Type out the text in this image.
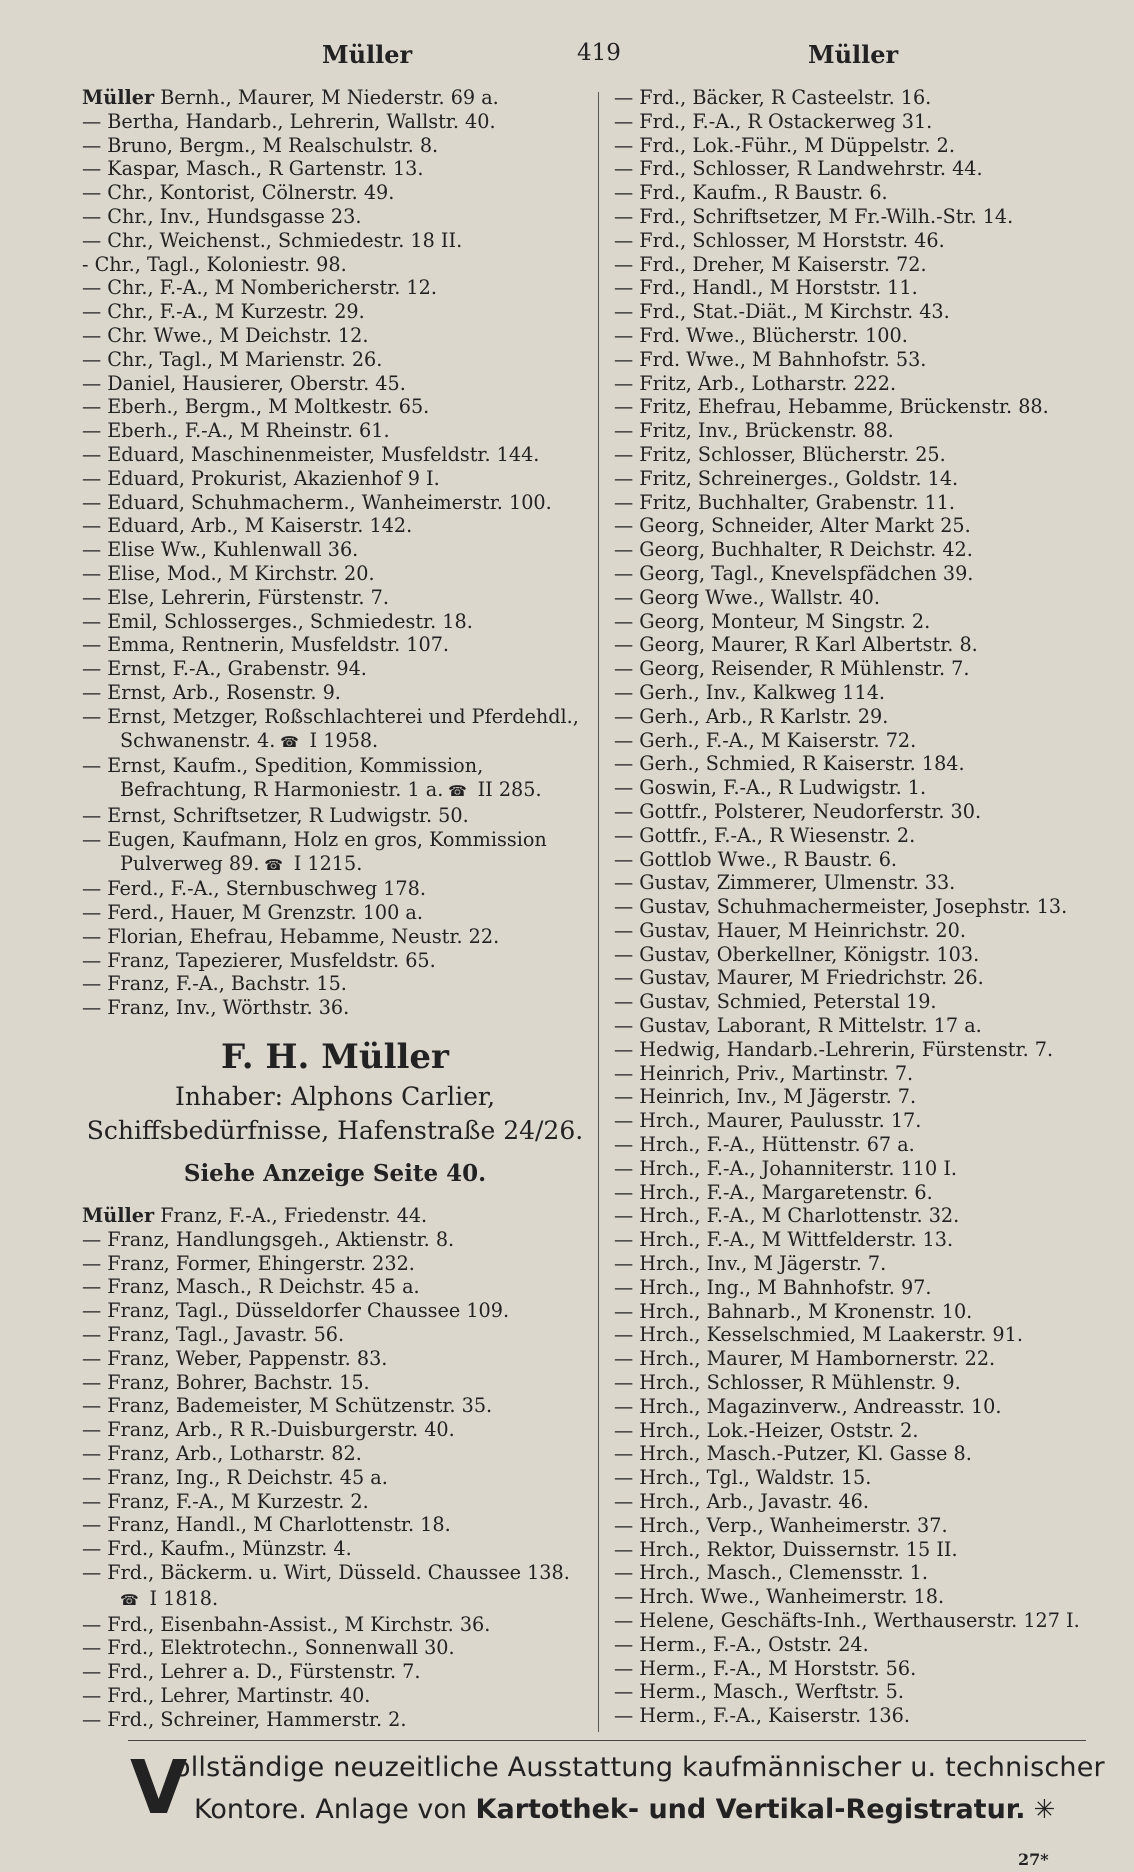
Müller	419	Müller
Müller Bernh., Maurer, M Niederstr. 69 a.
— Bertha, Handarb., Lehrerin, Wallstr. 40.
— Bruno, Bergm., M Realschulstr. 8.
— Kaspar, Masch., R Gartenstr. 13.
— Chr., Kontorist, Cölnerstr. 49.
— Chr., Inv., Hundsgasse 23.
— Chr., Weichenst., Schmiedestr. 18 II.
- Chr., Tagl., Koloniestr. 98.
— Chr., F.-A., M Nombericherstr. 12.
— Chr., F.-A., M Kurzestr. 29.
— Chr. Wwe., M Deichstr. 12.
— Chr., Tagl., M Marienstr. 26.
— Daniel, Hausierer, Oberstr. 45.
— Eberh., Bergm., M Moltkestr. 65.
— Eberh., F.-A., M Rheinstr. 61.
— Eduard, Maschinenmeister, Musfeldstr. 144.
— Eduard, Prokurist, Akazienhof 9 I.
— Eduard, Schuhmacherm., Wanheimerstr. 100.
— Eduard, Arb., M Kaiserstr. 142.
— Elise Ww., Kuhlenwall 36.
— Elise, Mod., M Kirchstr. 20.
— Else, Lehrerin, Fürstenstr. 7.
— Emil, Schlosserges., Schmiedestr. 18.
— Emma, Rentnerin, Musfeldstr. 107.
— Ernst, F.-A., Grabenstr. 94.
— Ernst, Arb., Rosenstr. 9.
— Ernst, Metzger, Roßschlachterei und Pferdehdl., Schwanenstr. 4. ☎ I 1958.
— Ernst, Kaufm., Spedition, Kommission, Befrachtung, R Harmoniestr. 1 a. ☎ II 285.
— Ernst, Schriftsetzer, R Ludwigstr. 50.
— Eugen, Kaufmann, Holz en gros, Kommission Pulverweg 89. ☎ I 1215.
— Ferd., F.-A., Sternbuschweg 178.
— Ferd., Hauer, M Grenzstr. 100 a.
— Florian, Ehefrau, Hebamme, Neustr. 22.
— Franz, Tapezierer, Musfeldstr. 65.
— Franz, F.-A., Bachstr. 15.
— Franz, Inv., Wörthstr. 36.
F. H. Müller
Inhaber: Alphons Carlier,
Schiffsbedürfnisse, Hafenstraße 24/26.
Siehe Anzeige Seite 40.
Müller Franz, F.-A., Friedenstr. 44.
— Franz, Handlungsgeh., Aktienstr. 8.
— Franz, Former, Ehingerstr. 232.
— Franz, Masch., R Deichstr. 45 a.
— Franz, Tagl., Düsseldorfer Chaussee 109.
— Franz, Tagl., Javastr. 56.
— Franz, Weber, Pappenstr. 83.
— Franz, Bohrer, Bachstr. 15.
— Franz, Bademeister, M Schützenstr. 35.
— Franz, Arb., R R.-Duisburgerstr. 40.
— Franz, Arb., Lotharstr. 82.
— Franz, Ing., R Deichstr. 45 a.
— Franz, F.-A., M Kurzestr. 2.
— Franz, Handl., M Charlottenstr. 18.
— Frd., Kaufm., Münzstr. 4.
— Frd., Bäckerm. u. Wirt, Düsseld. Chaussee 138. ☎ I 1818.
— Frd., Eisenbahn-Assist., M Kirchstr. 36.
— Frd., Elektrotechn., Sonnenwall 30.
— Frd., Lehrer a. D., Fürstenstr. 7.
— Frd., Lehrer, Martinstr. 40.
— Frd., Schreiner, Hammerstr. 2.
— Frd., Bäcker, R Casteelstr. 16.
— Frd., F.-A., R Ostackerweg 31.
— Frd., Lok.-Führ., M Düppelstr. 2.
— Frd., Schlosser, R Landwehrstr. 44.
— Frd., Kaufm., R Baustr. 6.
— Frd., Schriftsetzer, M Fr.-Wilh.-Str. 14.
— Frd., Schlosser, M Horststr. 46.
— Frd., Dreher, M Kaiserstr. 72.
— Frd., Handl., M Horststr. 11.
— Frd., Stat.-Diät., M Kirchstr. 43.
— Frd. Wwe., Blücherstr. 100.
— Frd. Wwe., M Bahnhofstr. 53.
— Fritz, Arb., Lotharstr. 222.
— Fritz, Ehefrau, Hebamme, Brückenstr. 88.
— Fritz, Inv., Brückenstr. 88.
— Fritz, Schlosser, Blücherstr. 25.
— Fritz, Schreinerges., Goldstr. 14.
— Fritz, Buchhalter, Grabenstr. 11.
— Georg, Schneider, Alter Markt 25.
— Georg, Buchhalter, R Deichstr. 42.
— Georg, Tagl., Knevelspfädchen 39.
— Georg Wwe., Wallstr. 40.
— Georg, Monteur, M Singstr. 2.
— Georg, Maurer, R Karl Albertstr. 8.
— Georg, Reisender, R Mühlenstr. 7.
— Gerh., Inv., Kalkweg 114.
— Gerh., Arb., R Karlstr. 29.
— Gerh., F.-A., M Kaiserstr. 72.
— Gerh., Schmied, R Kaiserstr. 184.
— Goswin, F.-A., R Ludwigstr. 1.
— Gottfr., Polsterer, Neudorferstr. 30.
— Gottfr., F.-A., R Wiesenstr. 2.
— Gottlob Wwe., R Baustr. 6.
— Gustav, Zimmerer, Ulmenstr. 33.
— Gustav, Schuhmachermeister, Josephstr. 13.
— Gustav, Hauer, M Heinrichstr. 20.
— Gustav, Oberkellner, Königstr. 103.
— Gustav, Maurer, M Friedrichstr. 26.
— Gustav, Schmied, Peterstal 19.
— Gustav, Laborant, R Mittelstr. 17 a.
— Hedwig, Handarb.-Lehrerin, Fürstenstr. 7.
— Heinrich, Priv., Martinstr. 7.
— Heinrich, Inv., M Jägerstr. 7.
— Hrch., Maurer, Paulusstr. 17.
— Hrch., F.-A., Hüttenstr. 67 a.
— Hrch., F.-A., Johanniterstr. 110 I.
— Hrch., F.-A., Margaretenstr. 6.
— Hrch., F.-A., M Charlottenstr. 32.
— Hrch., F.-A., M Wittfelderstr. 13.
— Hrch., Inv., M Jägerstr. 7.
— Hrch., Ing., M Bahnhofstr. 97.
— Hrch., Bahnarb., M Kronenstr. 10.
— Hrch., Kesselschmied, M Laakerstr. 91.
— Hrch., Maurer, M Hambornerstr. 22.
— Hrch., Schlosser, R Mühlenstr. 9.
— Hrch., Magazinverw., Andreasstr. 10.
— Hrch., Lok.-Heizer, Oststr. 2.
— Hrch., Masch.-Putzer, Kl. Gasse 8.
— Hrch., Tgl., Waldstr. 15.
— Hrch., Arb., Javastr. 46.
— Hrch., Verp., Wanheimerstr. 37.
— Hrch., Rektor, Duissernstr. 15 II.
— Hrch., Masch., Clemensstr. 1.
— Hrch. Wwe., Wanheimerstr. 18.
— Helene, Geschäfts-Inh., Werthauserstr. 127 I.
— Herm., F.-A., Oststr. 24.
— Herm., F.-A., M Horststr. 56.
— Herm., Masch., Werftstr. 5.
— Herm., F.-A., Kaiserstr. 136.
V
ollständige neuzeitliche Ausstattung kaufmännischer u. technischer
Kontore. Anlage von Kartothek- und Vertikal-Registratur. ✳
27*
